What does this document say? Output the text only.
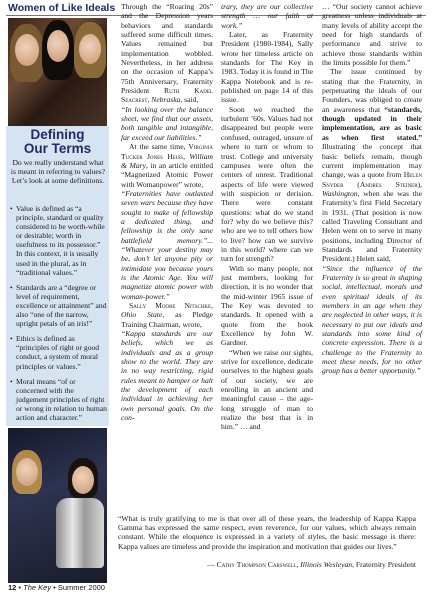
Women of Like Ideals
Defining
Our Terms
Do we really understand what is meant in referring to values? Let’s look at some definitions.
• Value is defined as “a principle, standard or quality considered to be worth-while or desirable; worth in usefulness to its possessor.” In this context, it is usually used in the plural, as in “traditional values.”
• Standards are a “degree or level of requirement, excellence or attainment” and also “one of the narrow, upright petals of an iris!”
• Ethics is defined as “principles of right or good conduct, a system of moral principles or values.”
• Moral means “of or concerned with the judgement principles of right or wrong in relation to human action and character.”

Through the “Roaring 20s” and the Depression years behaviors and standards suffered some difficult times. Values remained but implementation wobbled. Nevertheless, in her address on the occasion of Kappa’s 75th Anniversary, Fraternity President Ruth Kadel Seacrest, Nebraska, said,

“In looking over the balance sheet, we find that our assets, both tangible and intangible, far exceed our liabilities.”

At the same time, Virginia Tucker Jones Heiss, William & Mary, in an article entitled “Magnetized Atomic Power with Womanpower” wrote,

“Fraternities have outlasted seven wars because they have sought to make of fellowship a dedicated thing, and fellowship is the only sane battlefield memory.”... “Whatever your destiny may be, don’t let anyone pity or intimidate you because yours is the Atomic Age. You will magnetize atomic power with woman-power.”

Sally Moore Nitschke, Ohio State, as Pledge Training Chairman, wrote,

“Kappa standards are our beliefs, which we as individuals and as a group show to the world. They are in no way restricting, rigid rules meant to hamper or halt the development of each individual in achieving her own personal goals. On the con-

trary, they are our collective strength … our faith at work.”

Later, as Fraternity President (1980-1984), Sally wrote her timeless article on standards for The Key in 1983. Today it is found in The Kappa Notebook and is re-published on page 14 of this issue.

Soon we reached the turbulent ’60s. Values had not disappeared but people were confused, outraged, unsure of where to turn or whom to trust. College and university campuses were often the centers of unrest. Traditional aspects of life were viewed with suspicion or derision. There were constant questions: what do we stand for? why do we believe this? who are we to tell others how to live? how can we survive in this world? where can we turn for strength?

With so many people, not just members, looking for direction, it is no wonder that the mid-winter 1965 issue of The Key was devoted to standards. It opened with a quote from the book Excellence by John W. Gardner.

“When we raise our sights, strive for excellence, dedicate ourselves to the highest goals of our society, we are enrolling in an ancient and meaningful cause – the age-long struggle of man to realize the best that is in him.” … and

… “Our society cannot achieve greatness unless individuals at many levels of ability accept the need for high standards of performance and strive to achieve those standards within the limits possible for them.”

The issue continued by stating that the Fraternity, in perpetuating the ideals of our Founders, was obliged to create an awareness that “standards, though updated in their implementation, are as basic as when first stated.” Illustrating the concept that basic beliefs remain, though current implementation may change, was a quote from Helen Snyder (Andres Steiner), Washington, when she was the Fraternity’s first Field Secretary in 1931. (That position is now called Traveling Consultant and Helen went on to serve in many positions, including Director of Standards and Fraternity President.) Helen said,

“Since the influence of the Fraternity is so great in shaping social, intellectual, morals and even spiritual ideals of its members in an age when they are neglected in other ways, it is necessary to put our ideals and standards into some kind of concrete expression. There is a challenge to the Fraternity to meet these needs, for no other group has a better opportunity.”

“What is truly gratifying to me is that over all of these years, the leadership of Kappa Kappa Gamma has expressed the same respect, even reverence, for our values, which always remain constant. While the eloquence is expressed in a variety of styles, the basic message is there: Kappa values are timeless and provide the inspiration and motivation that guides our lives.”
— Cathy Thompson Carswell, Illinois Wesleyan, Fraternity President
12 • The Key • Summer 2000
